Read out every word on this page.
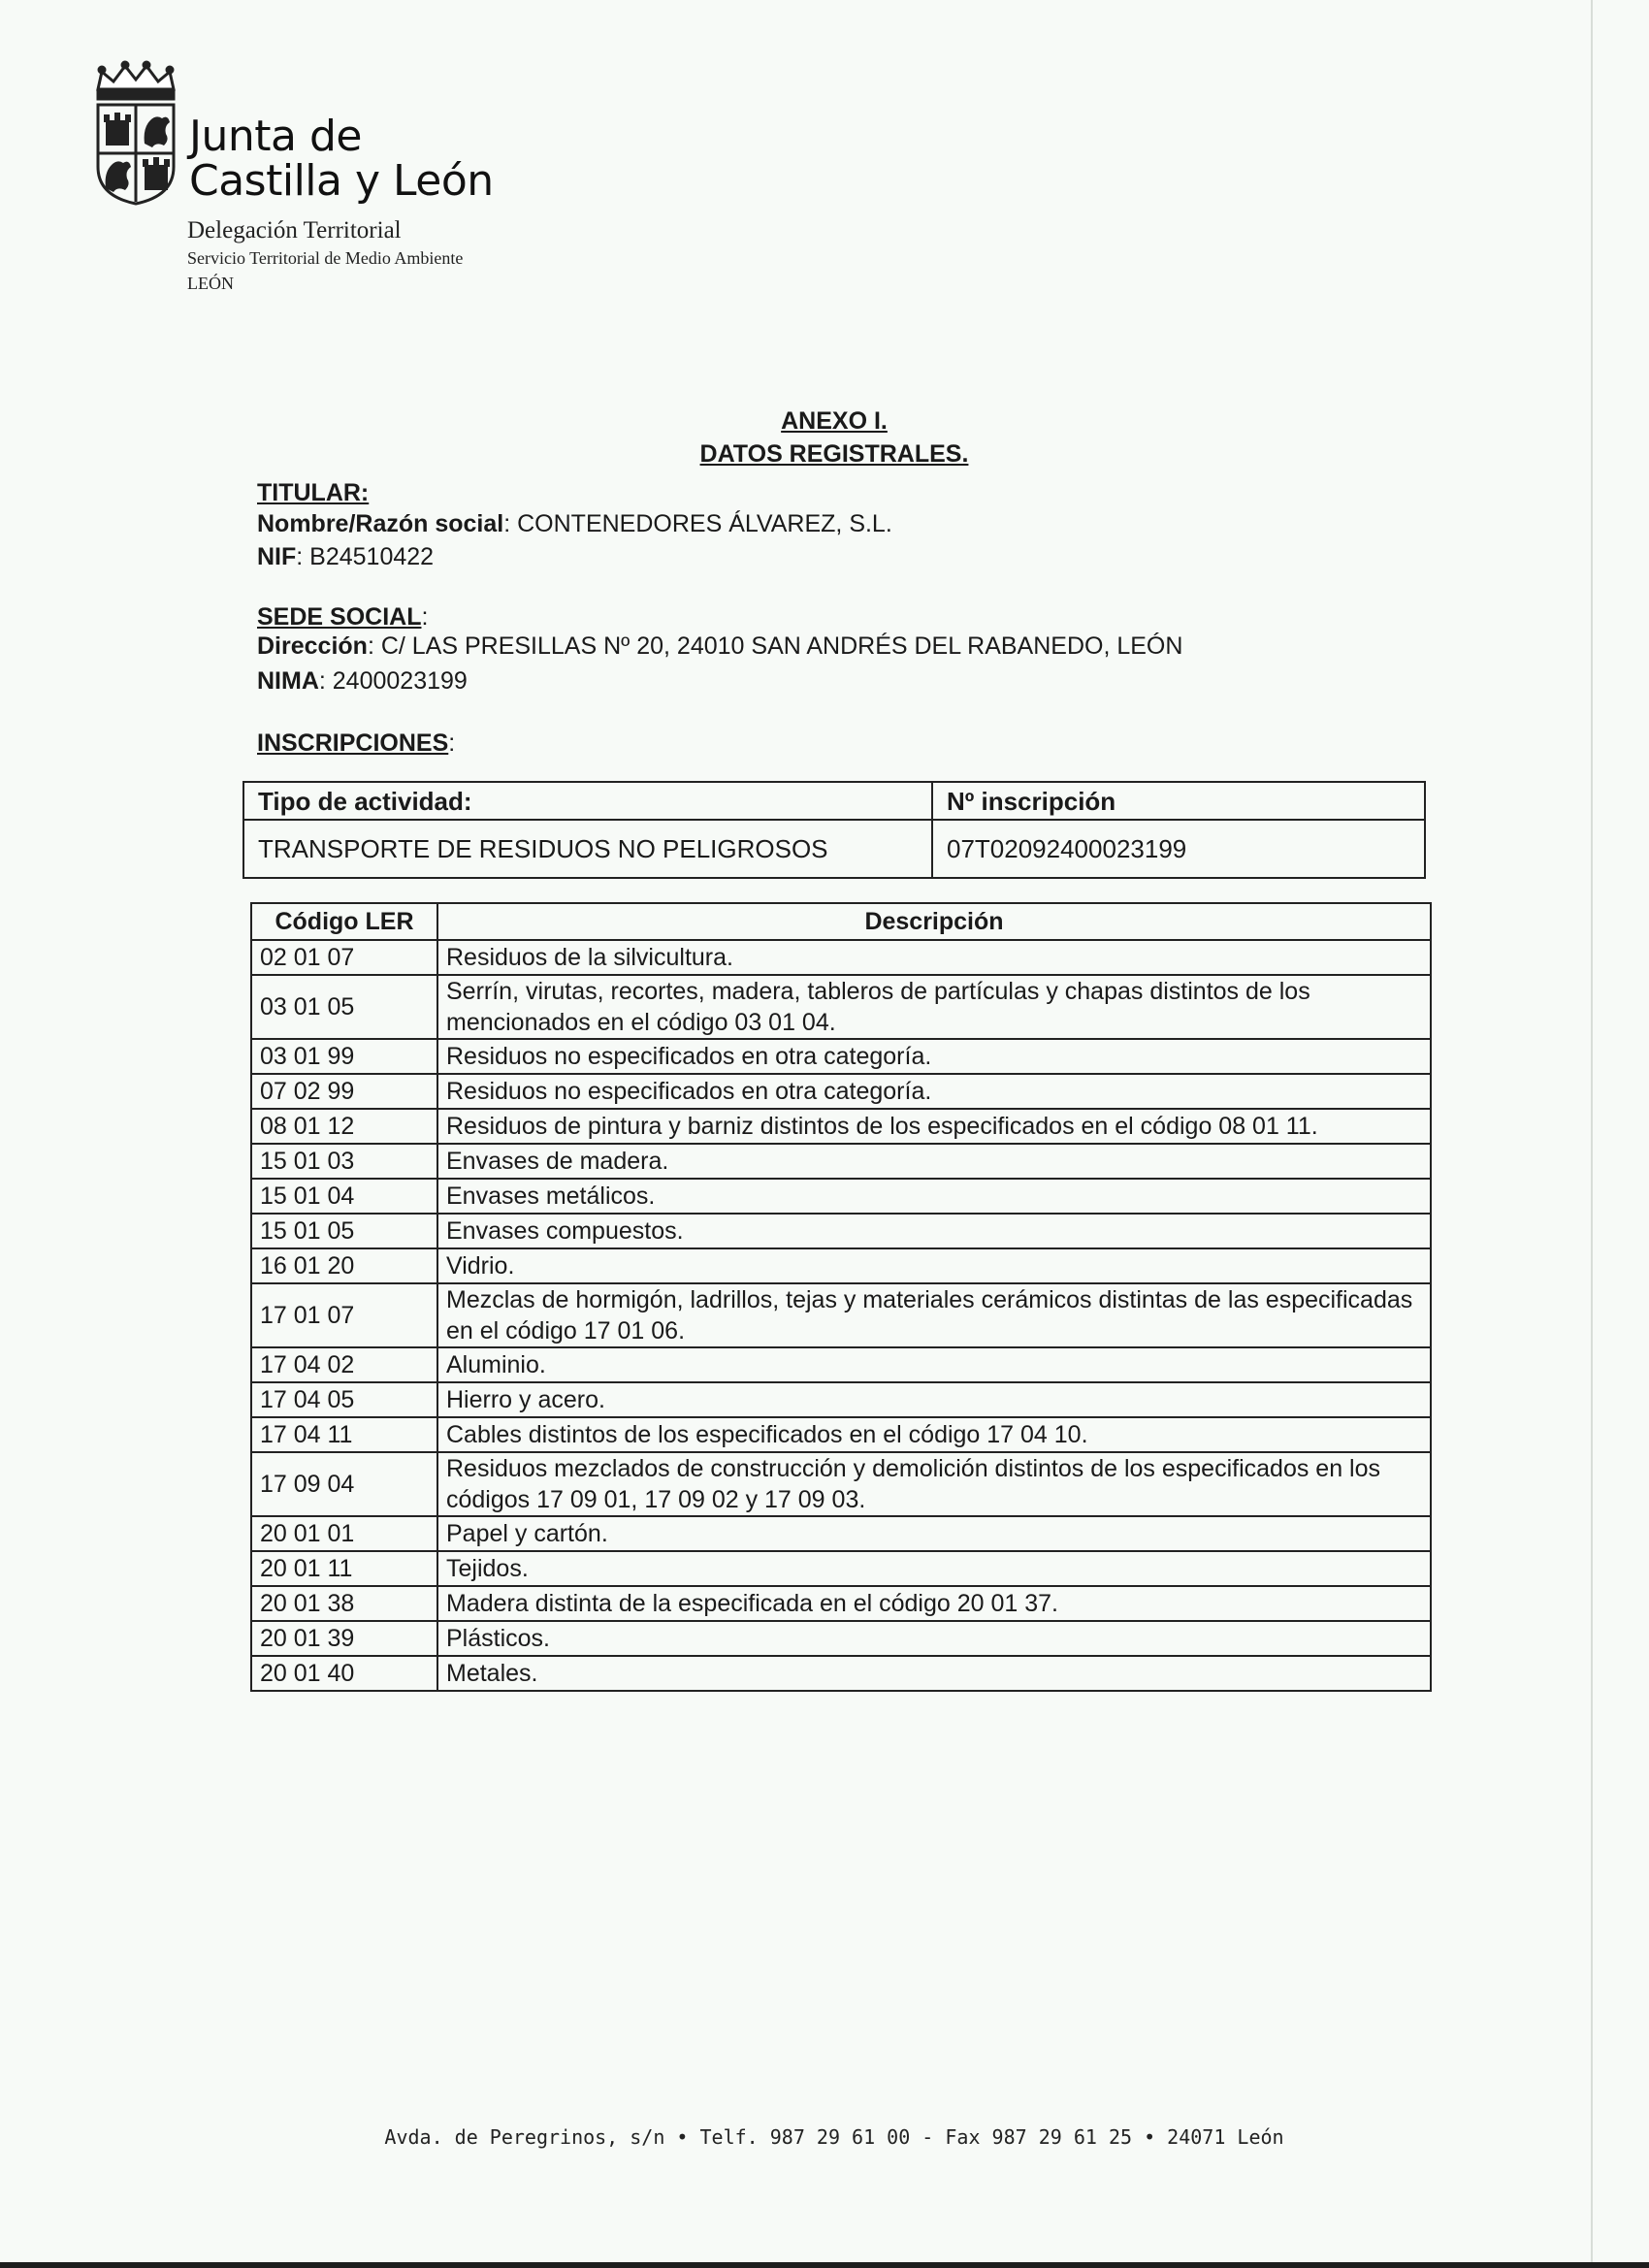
Junta de
Castilla y León
Delegación Territorial
Servicio Territorial de Medio Ambiente
LEÓN
ANEXO I.
DATOS REGISTRALES.
TITULAR:
Nombre/Razón social: CONTENEDORES ÁLVAREZ, S.L.
NIF: B24510422
SEDE SOCIAL:
Dirección: C/ LAS PRESILLAS Nº 20, 24010 SAN ANDRÉS DEL RABANEDO, LEÓN
NIMA: 2400023199
INSCRIPCIONES:
Tipo de actividad:	Nº inscripción
TRANSPORTE DE RESIDUOS NO PELIGROSOS	07T02092400023199
Código LER	Descripción
02 01 07	Residuos de la silvicultura.
03 01 05	Serrín, virutas, recortes, madera, tableros de partículas y chapas distintos de los mencionados en el código 03 01 04.
03 01 99	Residuos no especificados en otra categoría.
07 02 99	Residuos no especificados en otra categoría.
08 01 12	Residuos de pintura y barniz distintos de los especificados en el código 08 01 11.
15 01 03	Envases de madera.
15 01 04	Envases metálicos.
15 01 05	Envases compuestos.
16 01 20	Vidrio.
17 01 07	Mezclas de hormigón, ladrillos, tejas y materiales cerámicos distintas de las especificadas en el código 17 01 06.
17 04 02	Aluminio.
17 04 05	Hierro y acero.
17 04 11	Cables distintos de los especificados en el código 17 04 10.
17 09 04	Residuos mezclados de construcción y demolición distintos de los especificados en los códigos 17 09 01, 17 09 02 y 17 09 03.
20 01 01	Papel y cartón.
20 01 11	Tejidos.
20 01 38	Madera distinta de la especificada en el código 20 01 37.
20 01 39	Plásticos.
20 01 40	Metales.
Avda. de Peregrinos, s/n • Telf. 987 29 61 00 - Fax 987 29 61 25 • 24071 León
